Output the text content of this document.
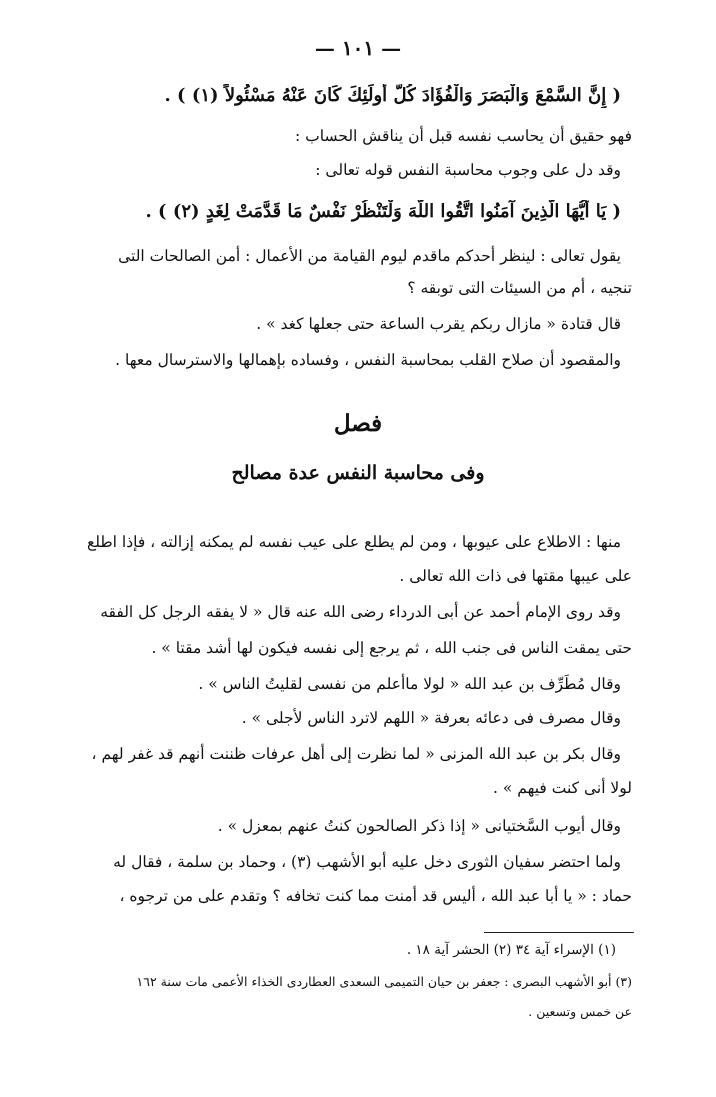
— ١٠١ —
( إِنَّ السَّمْعَ وَالْبَصَرَ وَالْفُؤَادَ كُلُّ أُولَئِكَ كَانَ عَنْهُ مَسْئُولاً (١) ) .
فهو حقيق أن يحاسب نفسه قبل أن يناقش الحساب :
وقد دل على وجوب محاسبة النفس قوله تعالى :
( يَا أَيُّهَا الَّذِينَ آمَنُوا اتَّقُوا اللَّهَ وَلْتَنْظُرْ نَفْسٌ مَا قَدَّمَتْ لِغَدٍ (٢) ) .
يقول تعالى : لينظر أحدكم ماقدم ليوم القيامة من الأعمال : أمن الصالحات التى
تنجيه ، أم من السيئات التى توبقه ؟
قال قتادة « مازال ربكم يقرب الساعة حتى جعلها كغد » .
والمقصود أن صلاح القلب بمحاسبة النفس ، وفساده بإهمالها والاسترسال معها .
فصل
وفى محاسبة النفس عدة مصالح
منها : الاطلاع على عيوبها ، ومن لم يطلع على عيب نفسه لم يمكنه إزالته ، فإذا اطلع
على عيبها مقتها فى ذات الله تعالى .
وقد روى الإمام أحمد عن أبى الدرداء رضى الله عنه قال « لا يفقه الرجل كل الفقه
حتى يمقت الناس فى جنب الله ، ثم يرجع إلى نفسه فيكون لها أشد مقتا » .
وقال مُطَرِّف بن عبد الله « لولا ماأعلم من نفسى لقليتُ الناس » .
وقال مصرف فى دعائه بعرفة « اللهم لاترد الناس لأجلى » .
وقال بكر بن عبد الله المزنى « لما نظرت إلى أهل عرفات ظننت أنهم قد غفر لهم ،
لولا أنى كنت فيهم » .
وقال أيوب السَّختيانى « إذا ذكر الصالحون كنتُ عنهم بمعزل » .
ولما احتضر سفيان الثورى دخل عليه أبو الأشهب (٣) ، وحماد بن سلمة ، فقال له
حماد : « يا أبا عبد الله ، أليس قد أمنت مما كنت تخافه ؟ وتقدم على من ترجوه ،
(١) الإسراء آية ٣٤ (٢) الحشر آية ١٨ .
(٣) أبو الأشهب البصرى : جعفر بن حيان التميمى السعدى العطاردى الخذاء الأعمى مات سنة ١٦٢
عن خمس وتسعين .
